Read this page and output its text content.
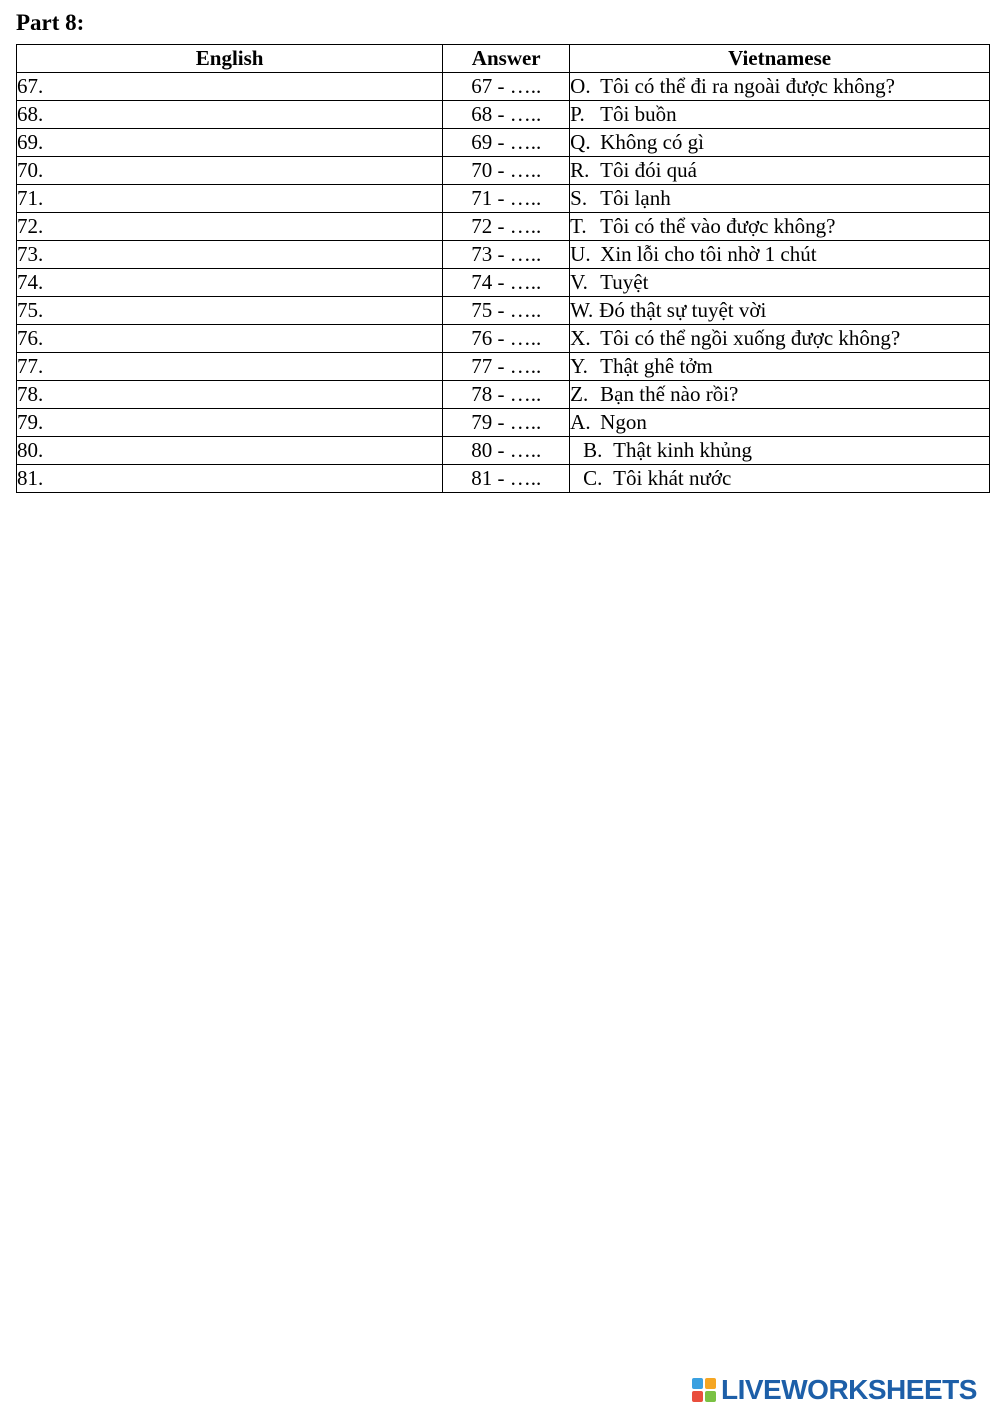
Part 8:
English	Answer	Vietnamese
67.	67 - …..	O. Tôi có thể đi ra ngoài được không?
68.	68 - …..	P. Tôi buồn
69.	69 - …..	Q. Không có gì
70.	70 - …..	R. Tôi đói quá
71.	71 - …..	S. Tôi lạnh
72.	72 - …..	T. Tôi có thể vào được không?
73.	73 - …..	U. Xin lỗi cho tôi nhờ 1 chút
74.	74 - …..	V. Tuyệt
75.	75 - …..	W. Đó thật sự tuyệt vời
76.	76 - …..	X. Tôi có thể ngồi xuống được không?
77.	77 - …..	Y. Thật ghê tởm
78.	78 - …..	Z. Bạn thế nào rồi?
79.	79 - …..	A. Ngon
80.	80 - …..	B. Thật kinh khủng
81.	81 - …..	C. Tôi khát nước
LIVEWORKSHEETS
